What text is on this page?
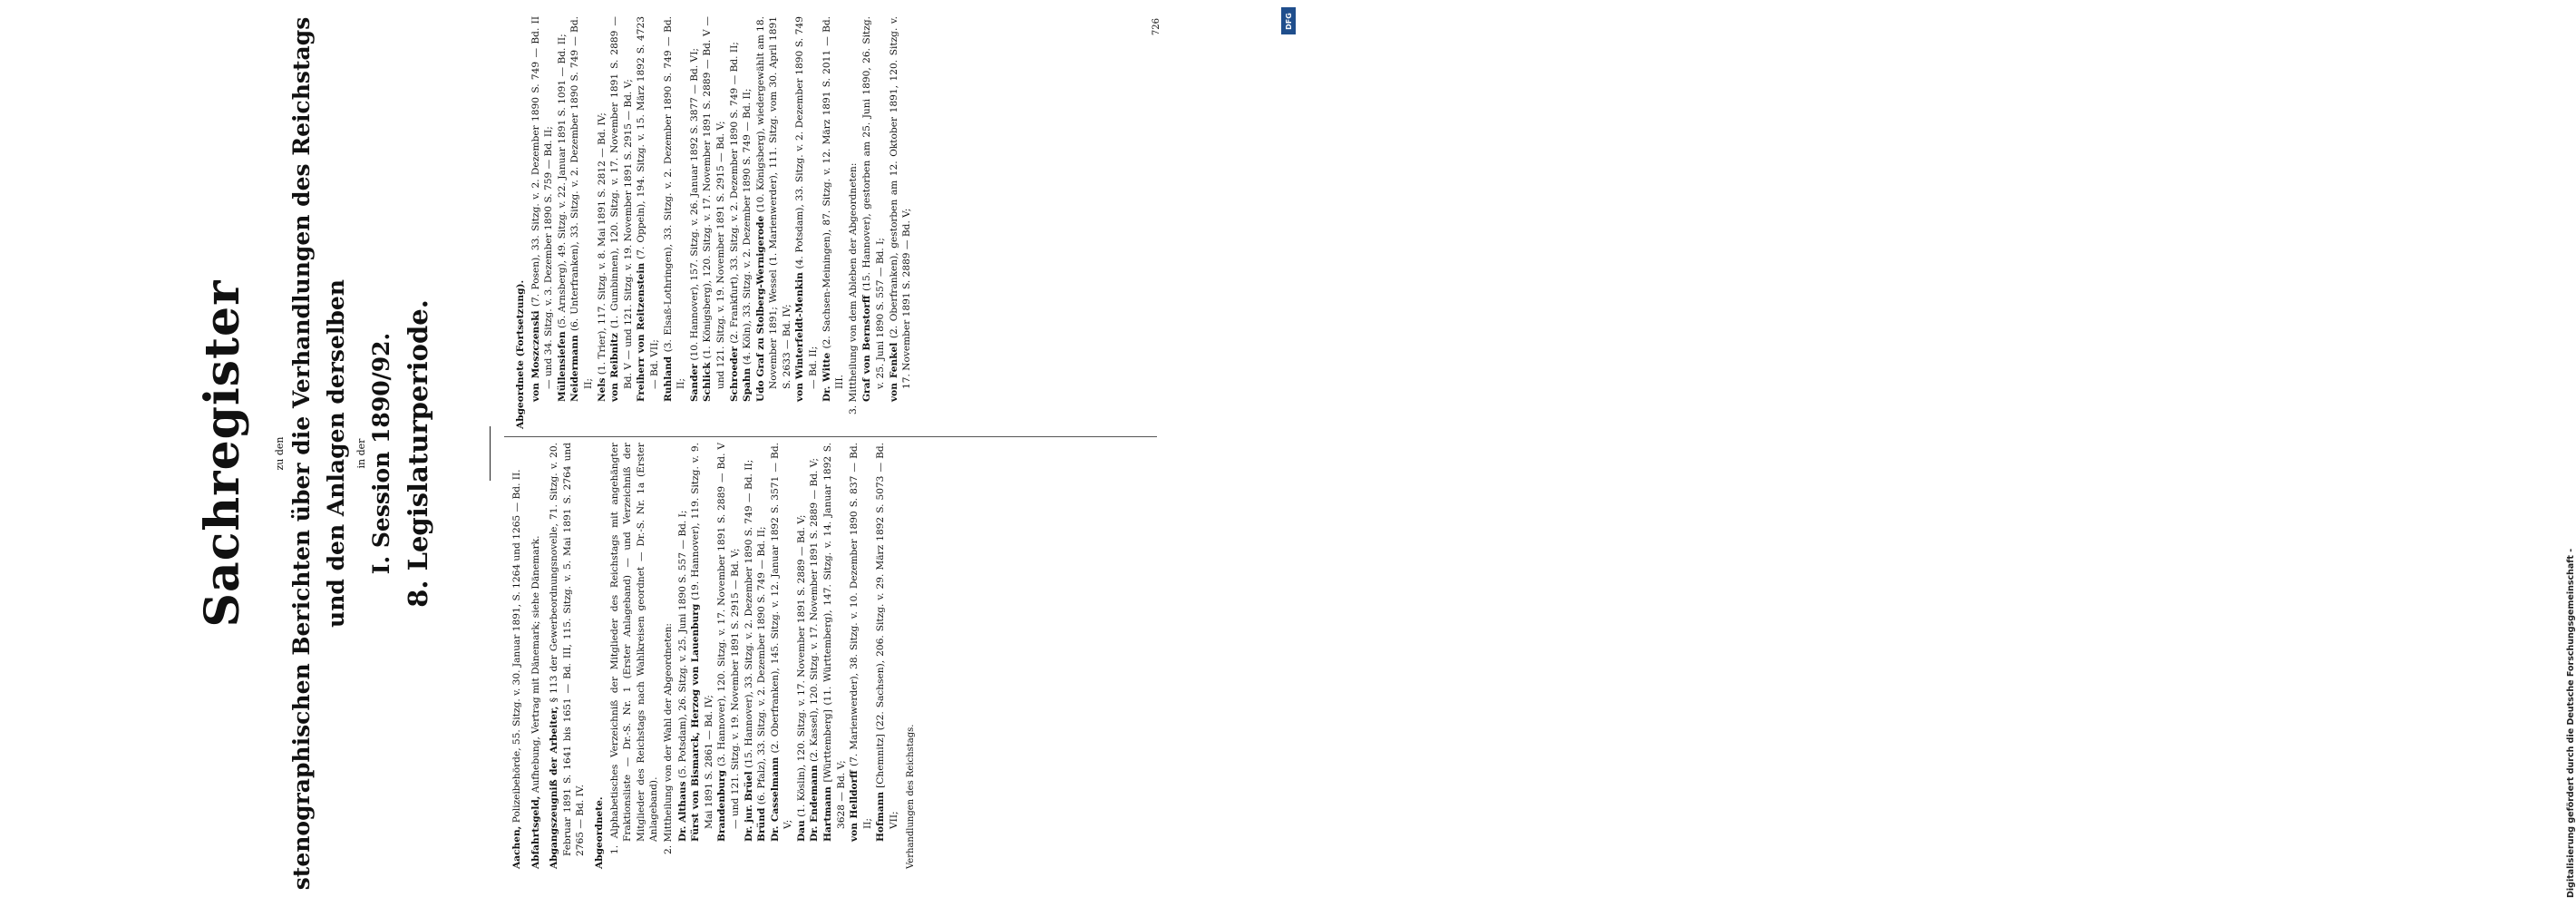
Sachregister zu den stenographischen Berichten über die Verhandlungen des Reichstags und den Anlagen derselben in der I. Session 1890/92. 8. Legislaturperiode.

Aachen, Polizeibehörde, 55. Sitzg. v. 30. Januar 1891, S. 1264 und 1265 — Bd. II.

Abfahrtsgeld, Aufhebung, Vertrag mit Dänemark; siehe Dänemark. Abgangszeugniß der Arbeiter, § 113 der Gewerbeordnungsnovelle, 71. Sitzg. v. 20. Februar 1891 S. 1641 bis 1651 — Bd. III, 115. Sitzg. v. 5. Mai 1891 S. 2764 und 2765 — Bd. IV. Abgeordnete. 1. Alphabetisches Verzeichniß der Mitglieder des Reichstags mit angehängter Fraktionsliste — Dr.-S. Nr. 1 (Erster Anlageband) — und Verzeichniß der Mitglieder des Reichstags nach Wahlkreisen geordnet — Dr.-S. Nr. 1a (Erster Anlageband). 2. Mittheilung von der Wahl der Abgeordneten: Dr. Althaus (5. Potsdam), 26. Sitzg. v. 25. Juni 1890 S. 557 — Bd. I; Fürst von Bismarck, Herzog von Lauenburg (19. Hannover), 119. Sitzg. v. 9. Mai 1891 S. 2861 — Bd. IV; Brandenburg (3. Hannover), 120. Sitzg. v. 17. November 1891 S. 2889 — Bd. V — und 121. Sitzg. v. 19. November 1891 S. 2915 — Bd. V; Dr. jur. Brüel (15. Hannover), 33. Sitzg. v. 2. Dezember 1890 S. 749 — Bd. II;

Bründ (6. Pfalz), 33. Sitzg. v. 2. Dezember 1890 S. 749 — Bd. II; Dr. Casselmann (2. Oberfranken), 145. Sitzg. v. 12. Januar 1892 S. 3571 — Bd. V; Dau (1. Köslin), 120. Sitzg. v. 17. November 1891 S. 2889 — Bd. V; Dr. Endemann (2. Kassel), 120. Sitzg. v. 17. November 1891 S. 2889 — Bd. V;

Hartmann [Württemberg] (11. Württemberg), 147. Sitzg. v. 14. Januar 1892 S. 3628 — Bd. V; von Helldorff (7. Marienwerder), 38. Sitzg. v. 10. Dezember 1890 S. 837 — Bd. II; Hofmann [Chemnitz] (22. Sachsen), 206. Sitzg. v. 29. März 1892 S. 5073 — Bd. VII; Verhandlungen des Reichstags.

Abgeordnete (Fortsetzung). von Moszczenski (7. Posen), 33. Sitzg. v. 2. Dezember 1890 S. 749 — Bd. II — und 34. Sitzg. v. 3. Dezember 1890 S. 759 — Bd. II; Müllensiefen (5. Arnsberg), 49. Sitzg. v. 22. Januar 1891 S. 1091 — Bd. II;

Neidermann (6. Unterfranken), 33. Sitzg. v. 2. Dezember 1890 S. 749 — Bd. II; Nels (1. Trier), 117. Sitzg. v. 8. Mai 1891 S. 2812 — Bd. IV; von Reibnitz (1. Gumbinnen), 120. Sitzg. v. 17. November 1891 S. 2889 — Bd. V — und 121. Sitzg. v. 19. November 1891 S. 2915 — Bd. V; Freiherr von Reitzenstein (7. Oppeln), 194. Sitzg. v. 15. März 1892 S. 4723 — Bd. VII; Ruhland (3. Elsaß-Lothringen), 33. Sitzg. v. 2. Dezember 1890 S. 749 — Bd. II; Sander (10. Hannover), 157. Sitzg. v. 26. Januar 1892 S. 3877 — Bd. VI;

Schlick (1. Königsberg), 120. Sitzg. v. 17. November 1891 S. 2889 — Bd. V — und 121. Sitzg. v. 19. November 1891 S. 2915 — Bd. V; Schroeder (2. Frankfurt), 33. Sitzg. v. 2. Dezember 1890 S. 749 — Bd. II;

Spahn (4. Köln), 33. Sitzg. v. 2. Dezember 1890 S. 749 — Bd. II; Udo Graf zu Stolberg-Wernigerode (10. Königsberg), wiedergewählt am 18. November 1891; Wessel (1. Marienwerder), 111. Sitzg. vom 30. April 1891 S. 2633 — Bd. IV; von Winterfeldt-Menkin (4. Potsdam), 33. Sitzg. v. 2. Dezember 1890 S. 749 — Bd. II; Dr. Witte (2. Sachsen-Meiningen), 87. Sitzg. v. 12. März 1891 S. 2011 — Bd. III. 3. Mittheilung von dem Ableben der Abgeordneten: Graf von Bernstorff (15. Hannover), gestorben am 25. Juni 1890, 26. Sitzg. v. 25. Juni 1890 S. 557 — Bd. I; von Fenkel (2. Oberfranken), gestorben am 12. Oktober 1891, 120. Sitzg. v. 17. November 1891 S. 2889 — Bd. V;

726
Digitalisierung gefördert durch die Deutsche Forschungsgemeinschaft -
DFG
